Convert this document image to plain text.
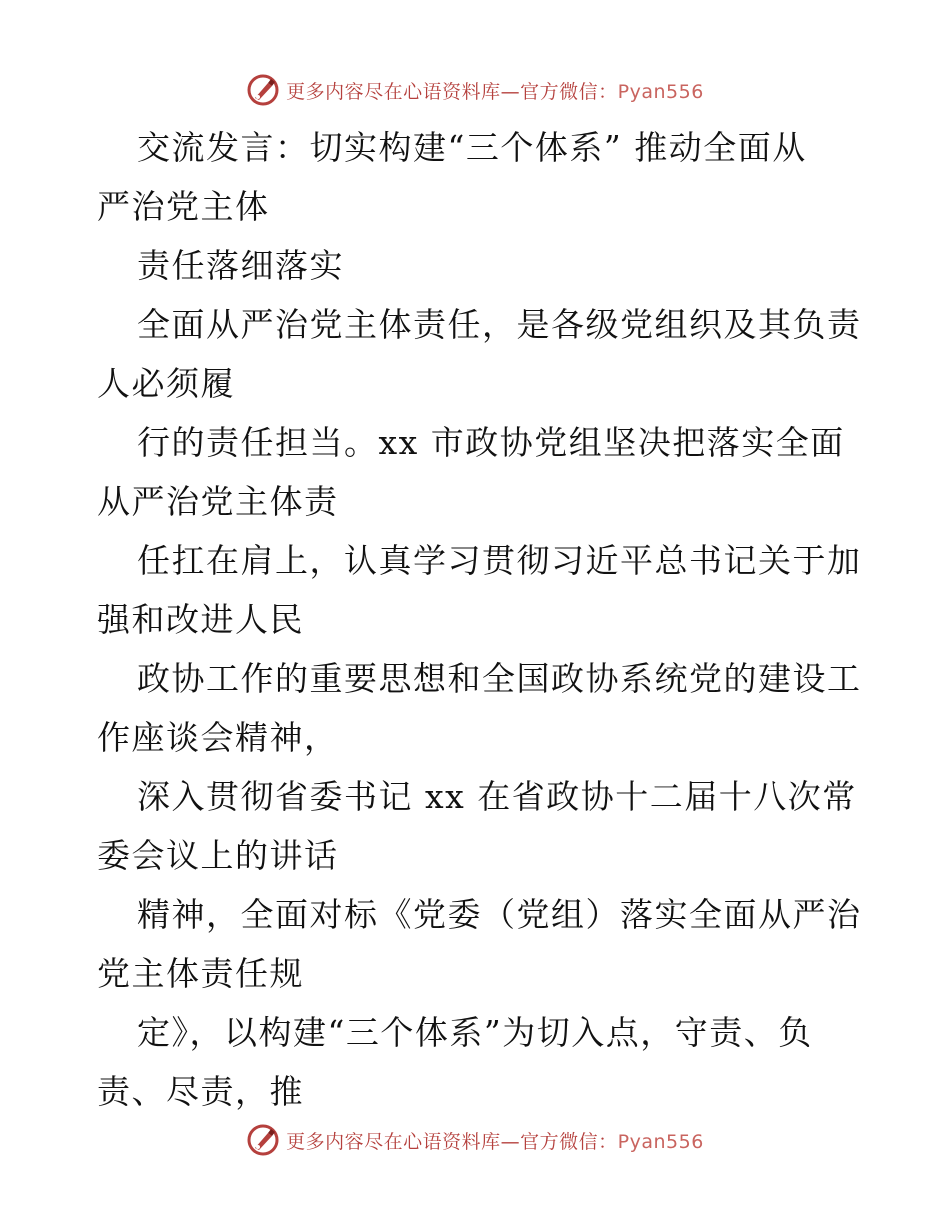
更多内容尽在心语资料库—官方微信：Pyan556
交流发言：切实构建“三个体系” 推动全面从
严治党主体
责任落细落实
全面从严治党主体责任，是各级党组织及其负责
人必须履
行的责任担当。xx 市政协党组坚决把落实全面
从严治党主体责
任扛在肩上，认真学习贯彻习近平总书记关于加
强和改进人民
政协工作的重要思想和全国政协系统党的建设工
作座谈会精神，
深入贯彻省委书记 xx 在省政协十二届十八次常
委会议上的讲话
精神，全面对标《党委（党组）落实全面从严治
党主体责任规
定》，以构建“三个体系”为切入点，守责、负
责、尽责，推
更多内容尽在心语资料库—官方微信：Pyan556
